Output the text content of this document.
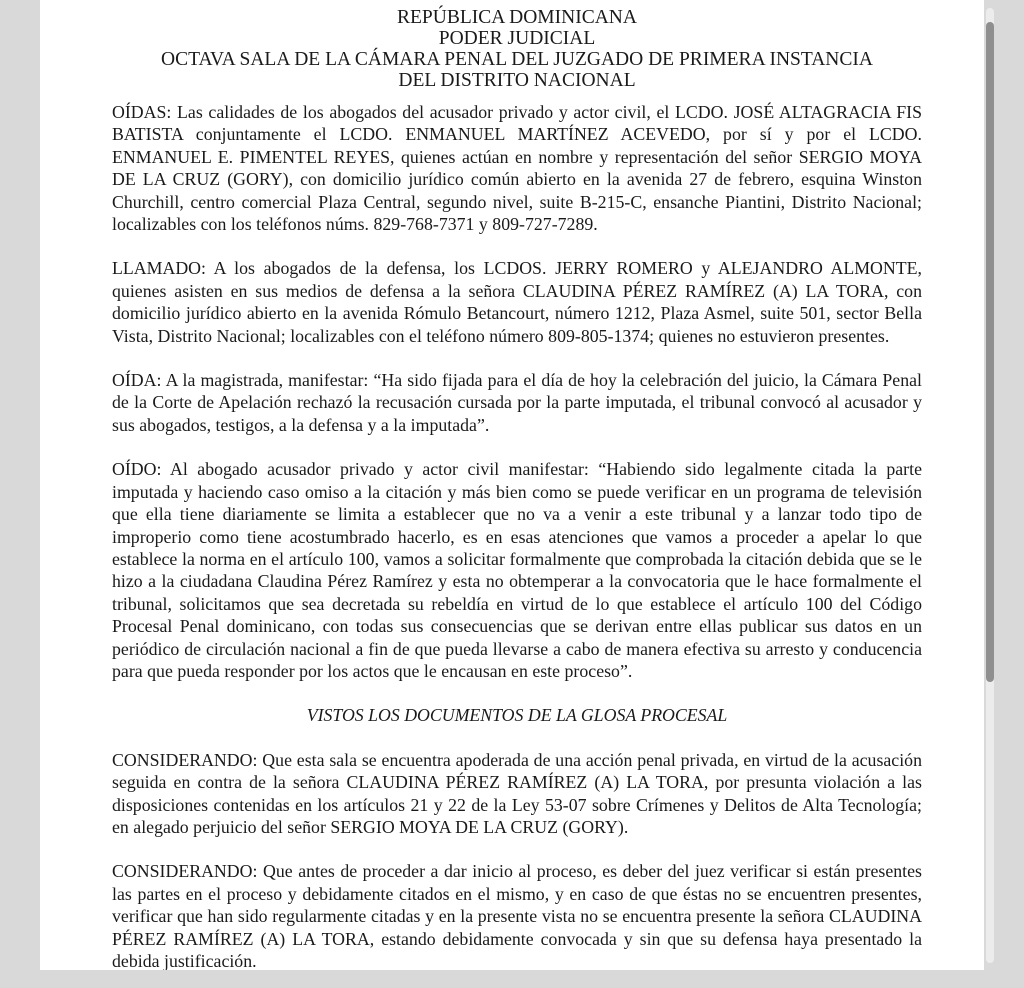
REPÚBLICA DOMINICANA
PODER JUDICIAL
OCTAVA SALA DE LA CÁMARA PENAL DEL JUZGADO DE PRIMERA INSTANCIA
DEL DISTRITO NACIONAL

OÍDAS: Las calidades de los abogados del acusador privado y actor civil, el LCDO. JOSÉ ALTAGRACIA FIS BATISTA conjuntamente el LCDO. ENMANUEL MARTÍNEZ ACEVEDO, por sí y por el LCDO. ENMANUEL E. PIMENTEL REYES, quienes actúan en nombre y representación del señor SERGIO MOYA DE LA CRUZ (GORY), con domicilio jurídico común abierto en la avenida 27 de febrero, esquina Winston Churchill, centro comercial Plaza Central, segundo nivel, suite B-215-C, ensanche Piantini, Distrito Nacional; localizables con los teléfonos núms. 829-768-7371 y 809-727-7289.

LLAMADO: A los abogados de la defensa, los LCDOS. JERRY ROMERO y ALEJANDRO ALMONTE, quienes asisten en sus medios de defensa a la señora CLAUDINA PÉREZ RAMÍREZ (A) LA TORA, con domicilio jurídico abierto en la avenida Rómulo Betancourt, número 1212, Plaza Asmel, suite 501, sector Bella Vista, Distrito Nacional; localizables con el teléfono número 809-805-1374; quienes no estuvieron presentes.

OÍDA: A la magistrada, manifestar: “Ha sido fijada para el día de hoy la celebración del juicio, la Cámara Penal de la Corte de Apelación rechazó la recusación cursada por la parte imputada, el tribunal convocó al acusador y sus abogados, testigos, a la defensa y a la imputada”.

OÍDO: Al abogado acusador privado y actor civil manifestar: “Habiendo sido legalmente citada la parte imputada y haciendo caso omiso a la citación y más bien como se puede verificar en un programa de televisión que ella tiene diariamente se limita a establecer que no va a venir a este tribunal y a lanzar todo tipo de improperio como tiene acostumbrado hacerlo, es en esas atenciones que vamos a proceder a apelar lo que establece la norma en el artículo 100, vamos a solicitar formalmente que comprobada la citación debida que se le hizo a la ciudadana Claudina Pérez Ramírez y esta no obtemperar a la convocatoria que le hace formalmente el tribunal, solicitamos que sea decretada su rebeldía en virtud de lo que establece el artículo 100 del Código Procesal Penal dominicano, con todas sus consecuencias que se derivan entre ellas publicar sus datos en un periódico de circulación nacional a fin de que pueda llevarse a cabo de manera efectiva su arresto y conducencia para que pueda responder por los actos que le encausan en este proceso”.

VISTOS LOS DOCUMENTOS DE LA GLOSA PROCESAL

CONSIDERANDO: Que esta sala se encuentra apoderada de una acción penal privada, en virtud de la acusación seguida en contra de la señora CLAUDINA PÉREZ RAMÍREZ (A) LA TORA, por presunta violación a las disposiciones contenidas en los artículos 21 y 22 de la Ley 53-07 sobre Crímenes y Delitos de Alta Tecnología; en alegado perjuicio del señor SERGIO MOYA DE LA CRUZ (GORY).

CONSIDERANDO: Que antes de proceder a dar inicio al proceso, es deber del juez verificar si están presentes las partes en el proceso y debidamente citados en el mismo, y en caso de que éstas no se encuentren presentes, verificar que han sido regularmente citadas y en la presente vista no se encuentra presente la señora CLAUDINA PÉREZ RAMÍREZ (A) LA TORA, estando debidamente convocada y sin que su defensa haya presentado la debida justificación.
